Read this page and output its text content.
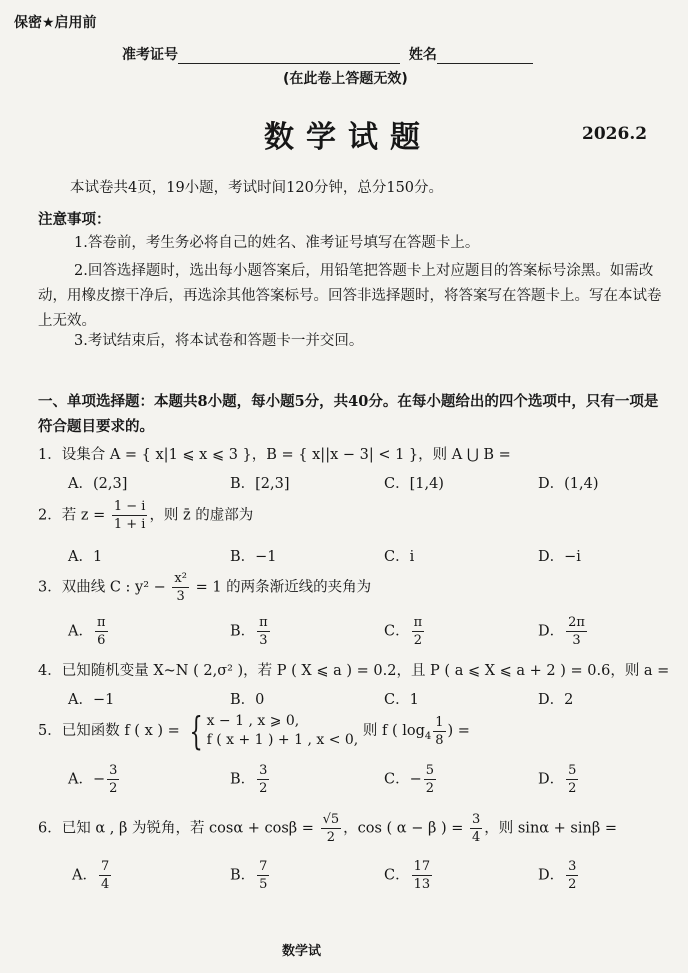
保密★启用前
准考证号	姓名
(在此卷上答题无效)
数学试题	2026.2
本试卷共4页，19小题，考试时间120分钟，总分150分。
注意事项：
1.答卷前，考生务必将自己的姓名、准考证号填写在答题卡上。
2.回答选择题时，选出每小题答案后，用铅笔把答题卡上对应题目的答案标号涂黑。如需改动，用橡皮擦干净后，再选涂其他答案标号。回答非选择题时，将答案写在答题卡上。写在本试卷上无效。
3.考试结束后，将本试卷和答题卡一并交回。
一、单项选择题：本题共8小题，每小题5分，共40分。在每小题给出的四个选项中，只有一项是符合题目要求的。
1．设集合 A = { x|1 ⩽ x ⩽ 3 }，B = { x||x − 3| < 1 }，则 A ⋃ B =
A．(2,3]	B．[2,3]	C．[1,4)	D．(1,4)
2．若 $z = \frac{1 - i}{1 + i}$ ，则 z̄ 的虚部为
A．1	B．−1	C．i	D．−i
3．双曲线 C : $y^2 - \frac{\text{x²}}{3} = 1$ 的两条渐近线的夹角为
A． $\frac{\pi}{6}$	B． $\frac{\pi}{3}$	C． $\frac{\pi}{2}$	D． $\frac{2\pi}{3}$
4．已知随机变量 X~N ( 2,σ² )，若 P ( X ⩽ a ) = 0.2，且 P ( a ⩽ X ⩽ a + 2 ) = 0.6，则 a =
A．−1	B．0	C．1	D．2
5．已知函数 f ( x ) = { x − 1 , x ⩾ 0,
f ( x + 1 ) + 1 , x < 0,
则 f ( $\log_4 \frac{1}{8}$ ) =
A．− $\frac{3}{2}$	B． $\frac{3}{2}$	C．− $\frac{5}{2}$	D． $\frac{5}{2}$
6．已知 α , β 为锐角，若 $\cos\alpha + \cos\beta = \frac{√5}{2}$ ，cos ( α − β ) = $\frac{3}{4}$ ，则 sinα + sinβ =
A． $\frac{7}{4}$	B． $\frac{7}{5}$	C． $\frac{17}{13}$	D． $\frac{3}{2}$
数学试
